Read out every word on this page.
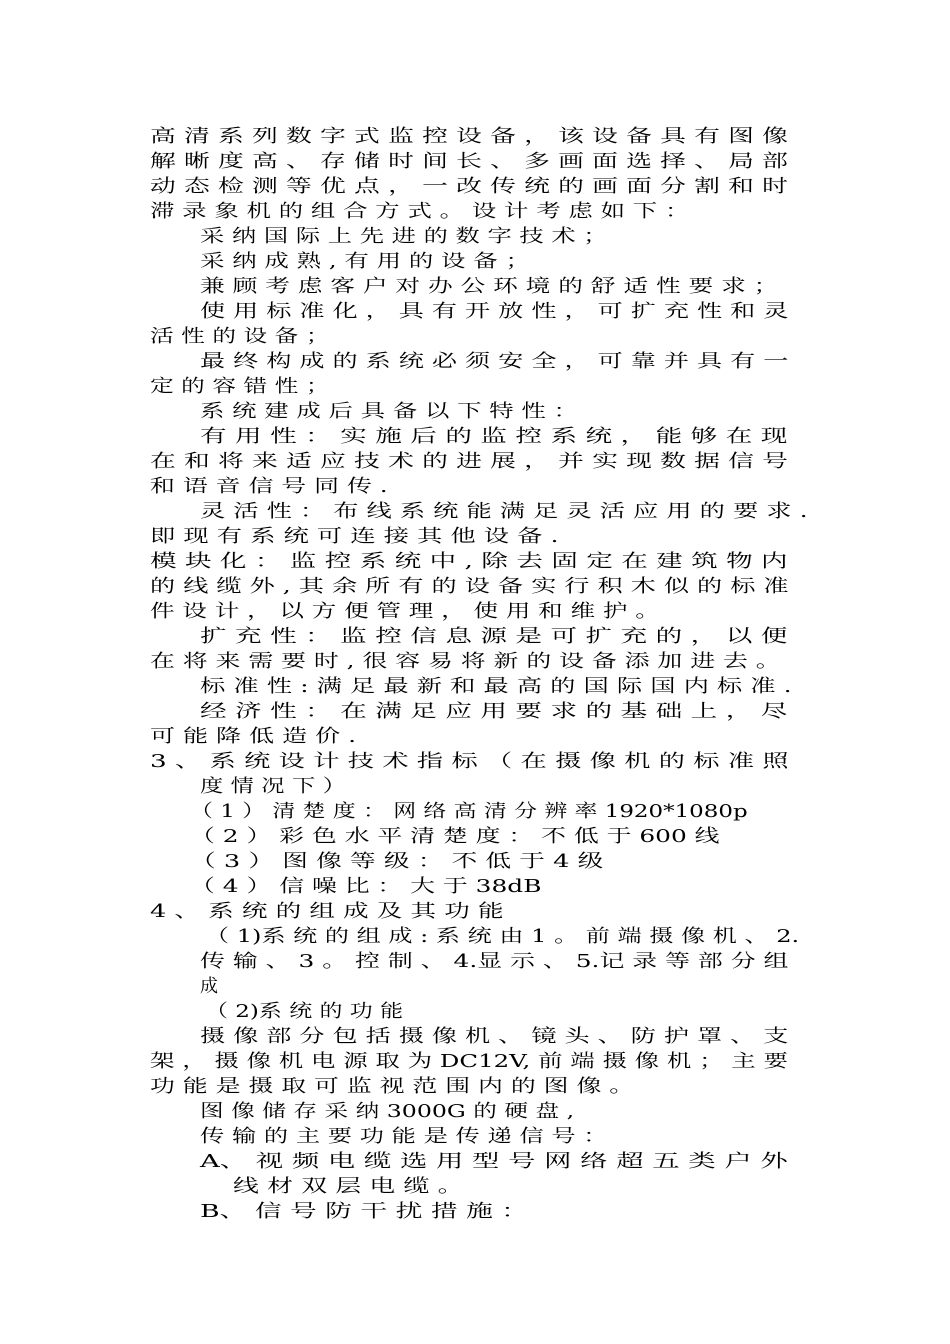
高 清 系 列 数 字 式 监 控 设 备 ， 该 设 备 具 有 图 像
解 晰 度 高 、 存 储 时 间 长 、 多 画 面 选 择 、 局 部
动 态 检 测 等 优 点 ， 一 改 传 统 的 画 面 分 割 和 时
滞 录 象 机 的 组 合 方 式 。 设 计 考 虑 如 下 ：
采 纳 国 际 上 先 进 的 数 字 技 术 ；
采 纳 成 熟 , 有 用 的 设 备 ；
兼 顾 考 虑 客 户 对 办 公 环 境 的 舒 适 性 要 求 ；
使 用 标 准 化 ， 具 有 开 放 性 ， 可 扩 充 性 和 灵
活 性 的 设 备 ；
最 终 构 成 的 系 统 必 须 安 全 ， 可 靠 并 具 有 一
定 的 容 错 性 ；
系 统 建 成 后 具 备 以 下 特 性 ：
有 用 性 ： 实 施 后 的 监 控 系 统 ， 能 够 在 现
在 和 将 来 适 应 技 术 的 进 展 ， 并 实 现 数 据 信 号
和 语 音 信 号 同 传 .
灵 活 性 ： 布 线 系 统 能 满 足 灵 活 应 用 的 要 求 .
即 现 有 系 统 可 连 接 其 他 设 备 .
模 块 化 ： 监 控 系 统 中 , 除 去 固 定 在 建 筑 物 内
的 线 缆 外 , 其 余 所 有 的 设 备 实 行 积 木 似 的 标 准
件 设 计 ， 以 方 便 管 理 ， 使 用 和 维 护 。
扩 充 性 ： 监 控 信 息 源 是 可 扩 充 的 ， 以 便
在 将 来 需 要 时 , 很 容 易 将 新 的 设 备 添 加 进 去 。
标 准 性 : 满 足 最 新 和 最 高 的 国 际 国 内 标 准 .
经 济 性 ： 在 满 足 应 用 要 求 的 基 础 上 ， 尽
可 能 降 低 造 价 .
3 、 系 统 设 计 技 术 指 标 （ 在 摄 像 机 的 标 准 照
度 情 况 下 ）
（ 1 ） 清 楚 度 ： 网 络 高 清 分 辨 率 1920*1080p
（ 2 ） 彩 色 水 平 清 楚 度 ： 不 低 于 600 线
（ 3 ） 图 像 等 级 ： 不 低 于 4 级
（ 4 ） 信 噪 比 ： 大 于 38dB
4 、 系 统 的 组 成 及 其 功 能
（ 1)系 统 的 组 成 : 系 统 由 1 。 前 端 摄 像 机 、 2.
传 输 、 3 。 控 制 、 4.显 示 、 5.记 录 等 部 分 组
成
（ 2)系 统 的 功 能
摄 像 部 分 包 括 摄 像 机 、 镜 头 、 防 护 罩 、 支
架 ， 摄 像 机 电 源 取 为 DC12V, 前 端 摄 像 机 ； 主 要
功 能 是 摄 取 可 监 视 范 围 内 的 图 像 。
图 像 储 存 采 纳 3000G 的 硬 盘 ,
传 输 的 主 要 功 能 是 传 递 信 号 ：
A、 视 频 电 缆 选 用 型 号 网 络 超 五 类 户 外
线 材 双 层 电 缆 。
B、 信 号 防 干 扰 措 施 ：
